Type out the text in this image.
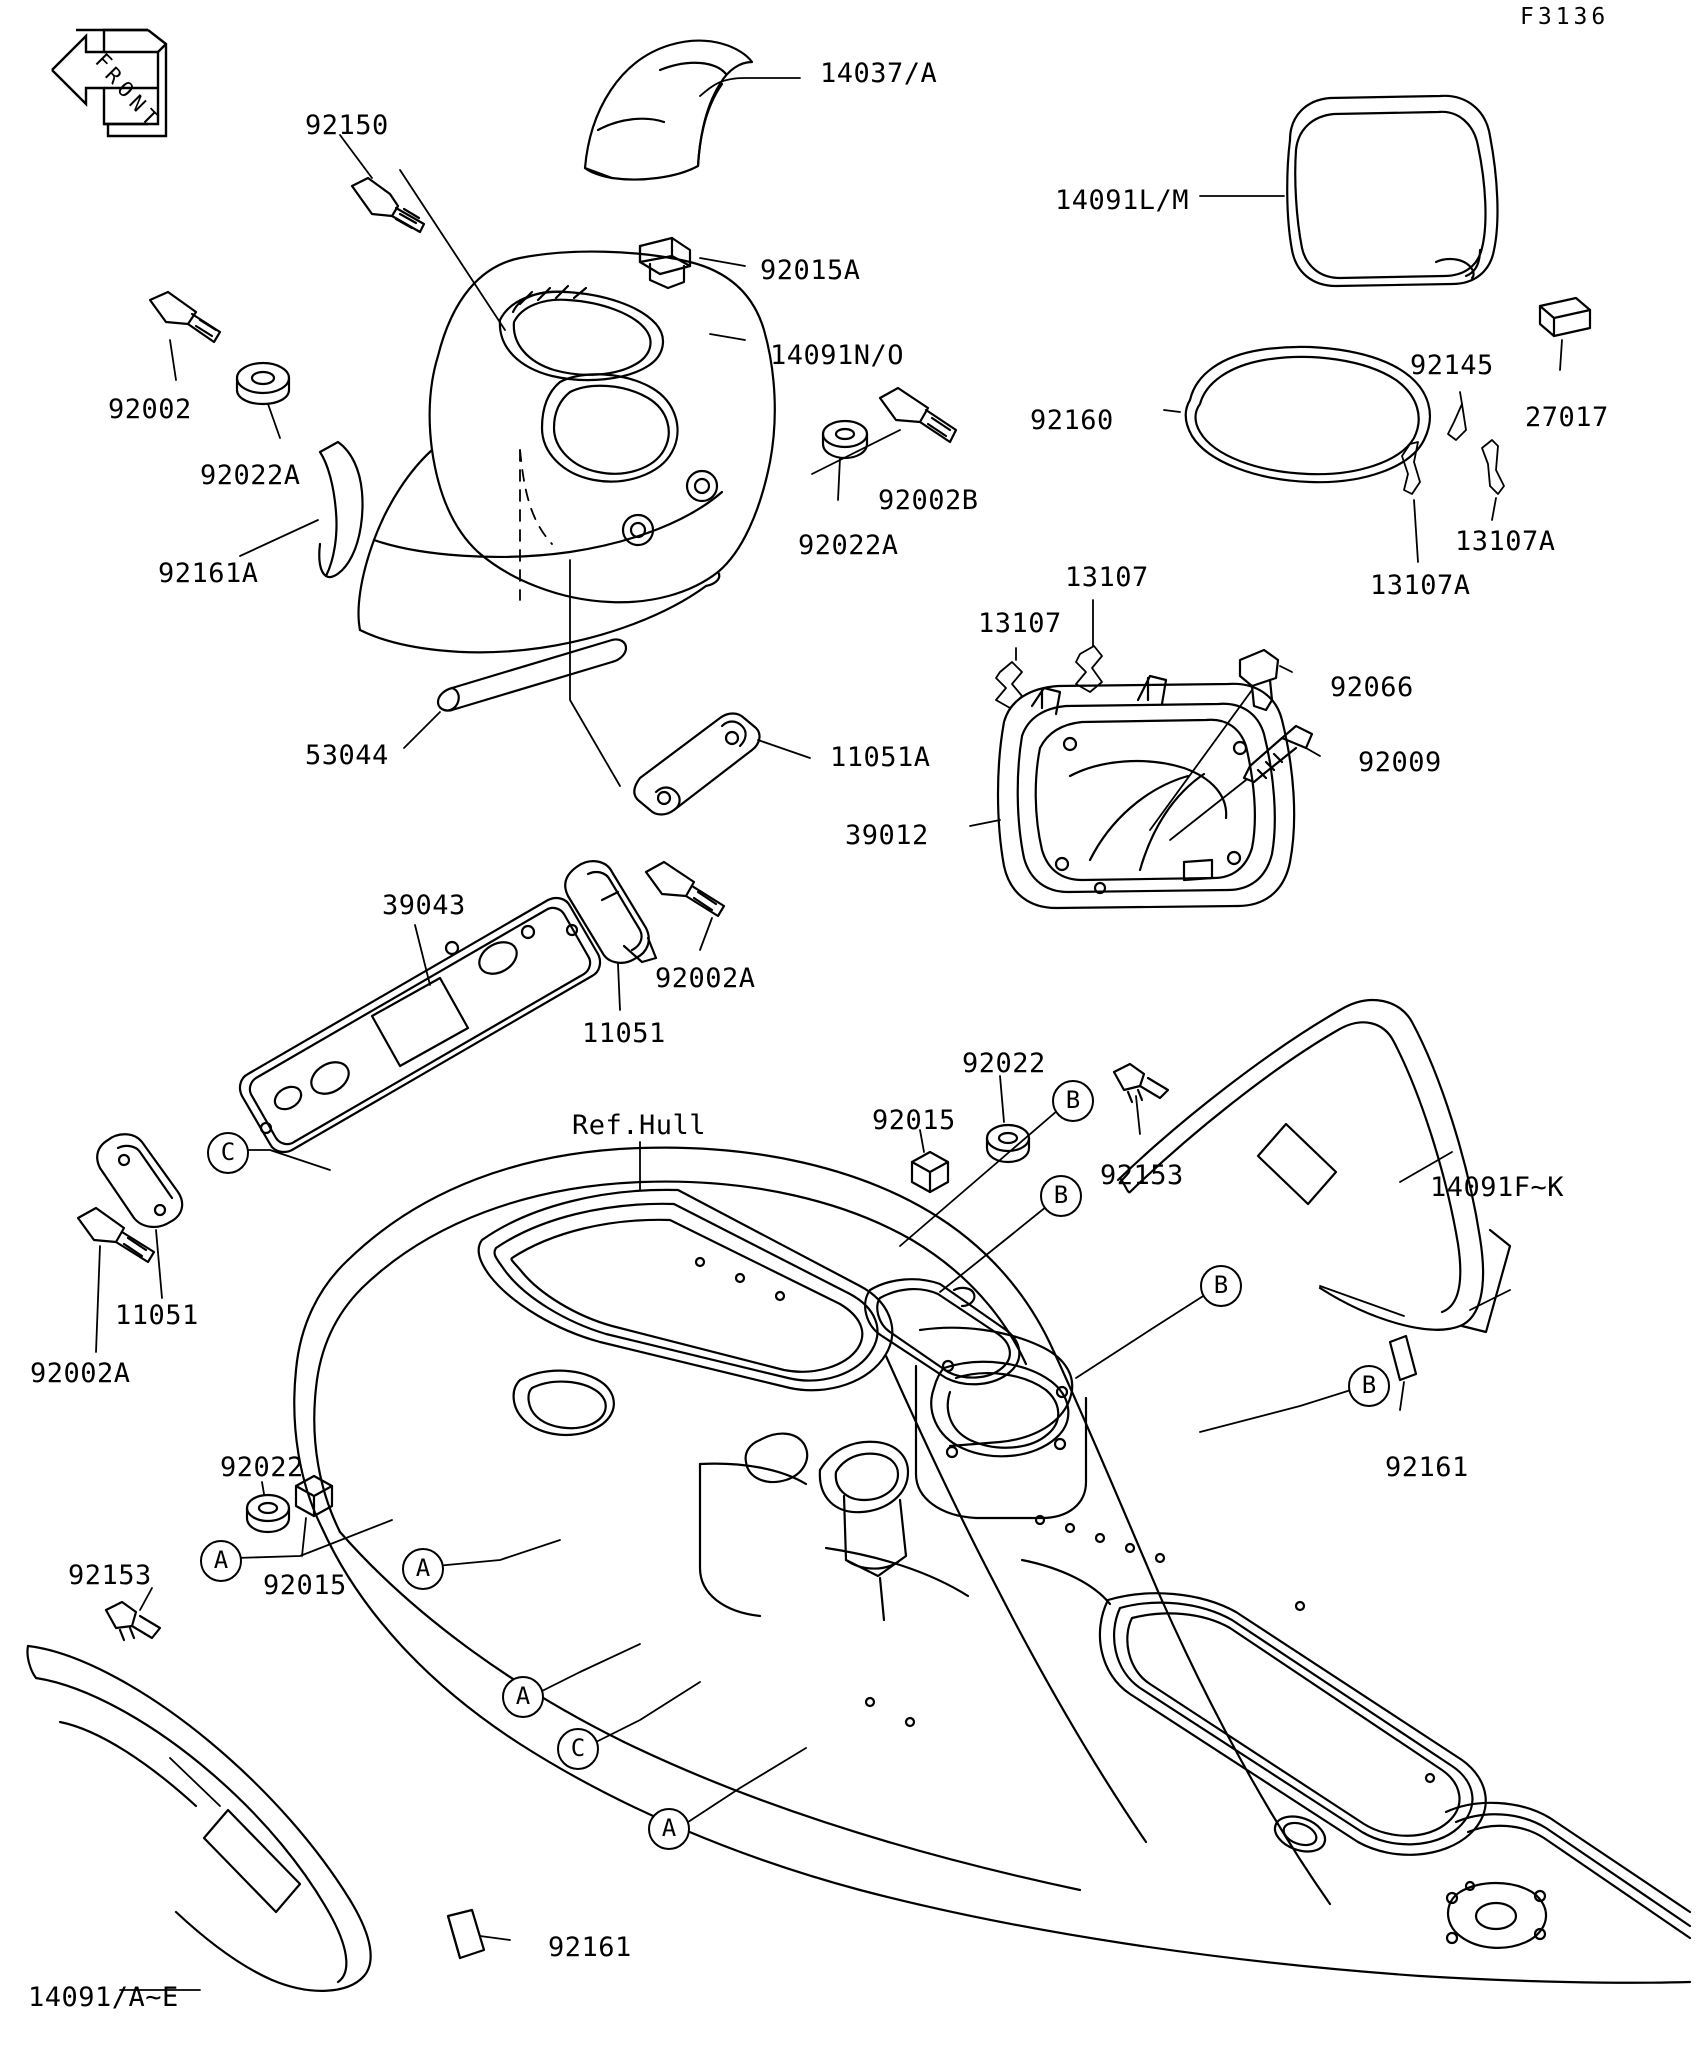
F3136
F
R
O
N
T
14037/A
92150
14091L/M
92015A
14091N/O
92002
92022A
92160
92145
27017
92002B
92022A
92161A
13107A
13107A
13107
13107
92066
92009
53044	11051A
39012
39043
92002A
11051
Ref.Hull	92015
92022
92153	14091F~K
11051
92002A
92161
92022
92153	92015
92161
14091/A~E
B
B
B
B
C
A	A
A
C
A
